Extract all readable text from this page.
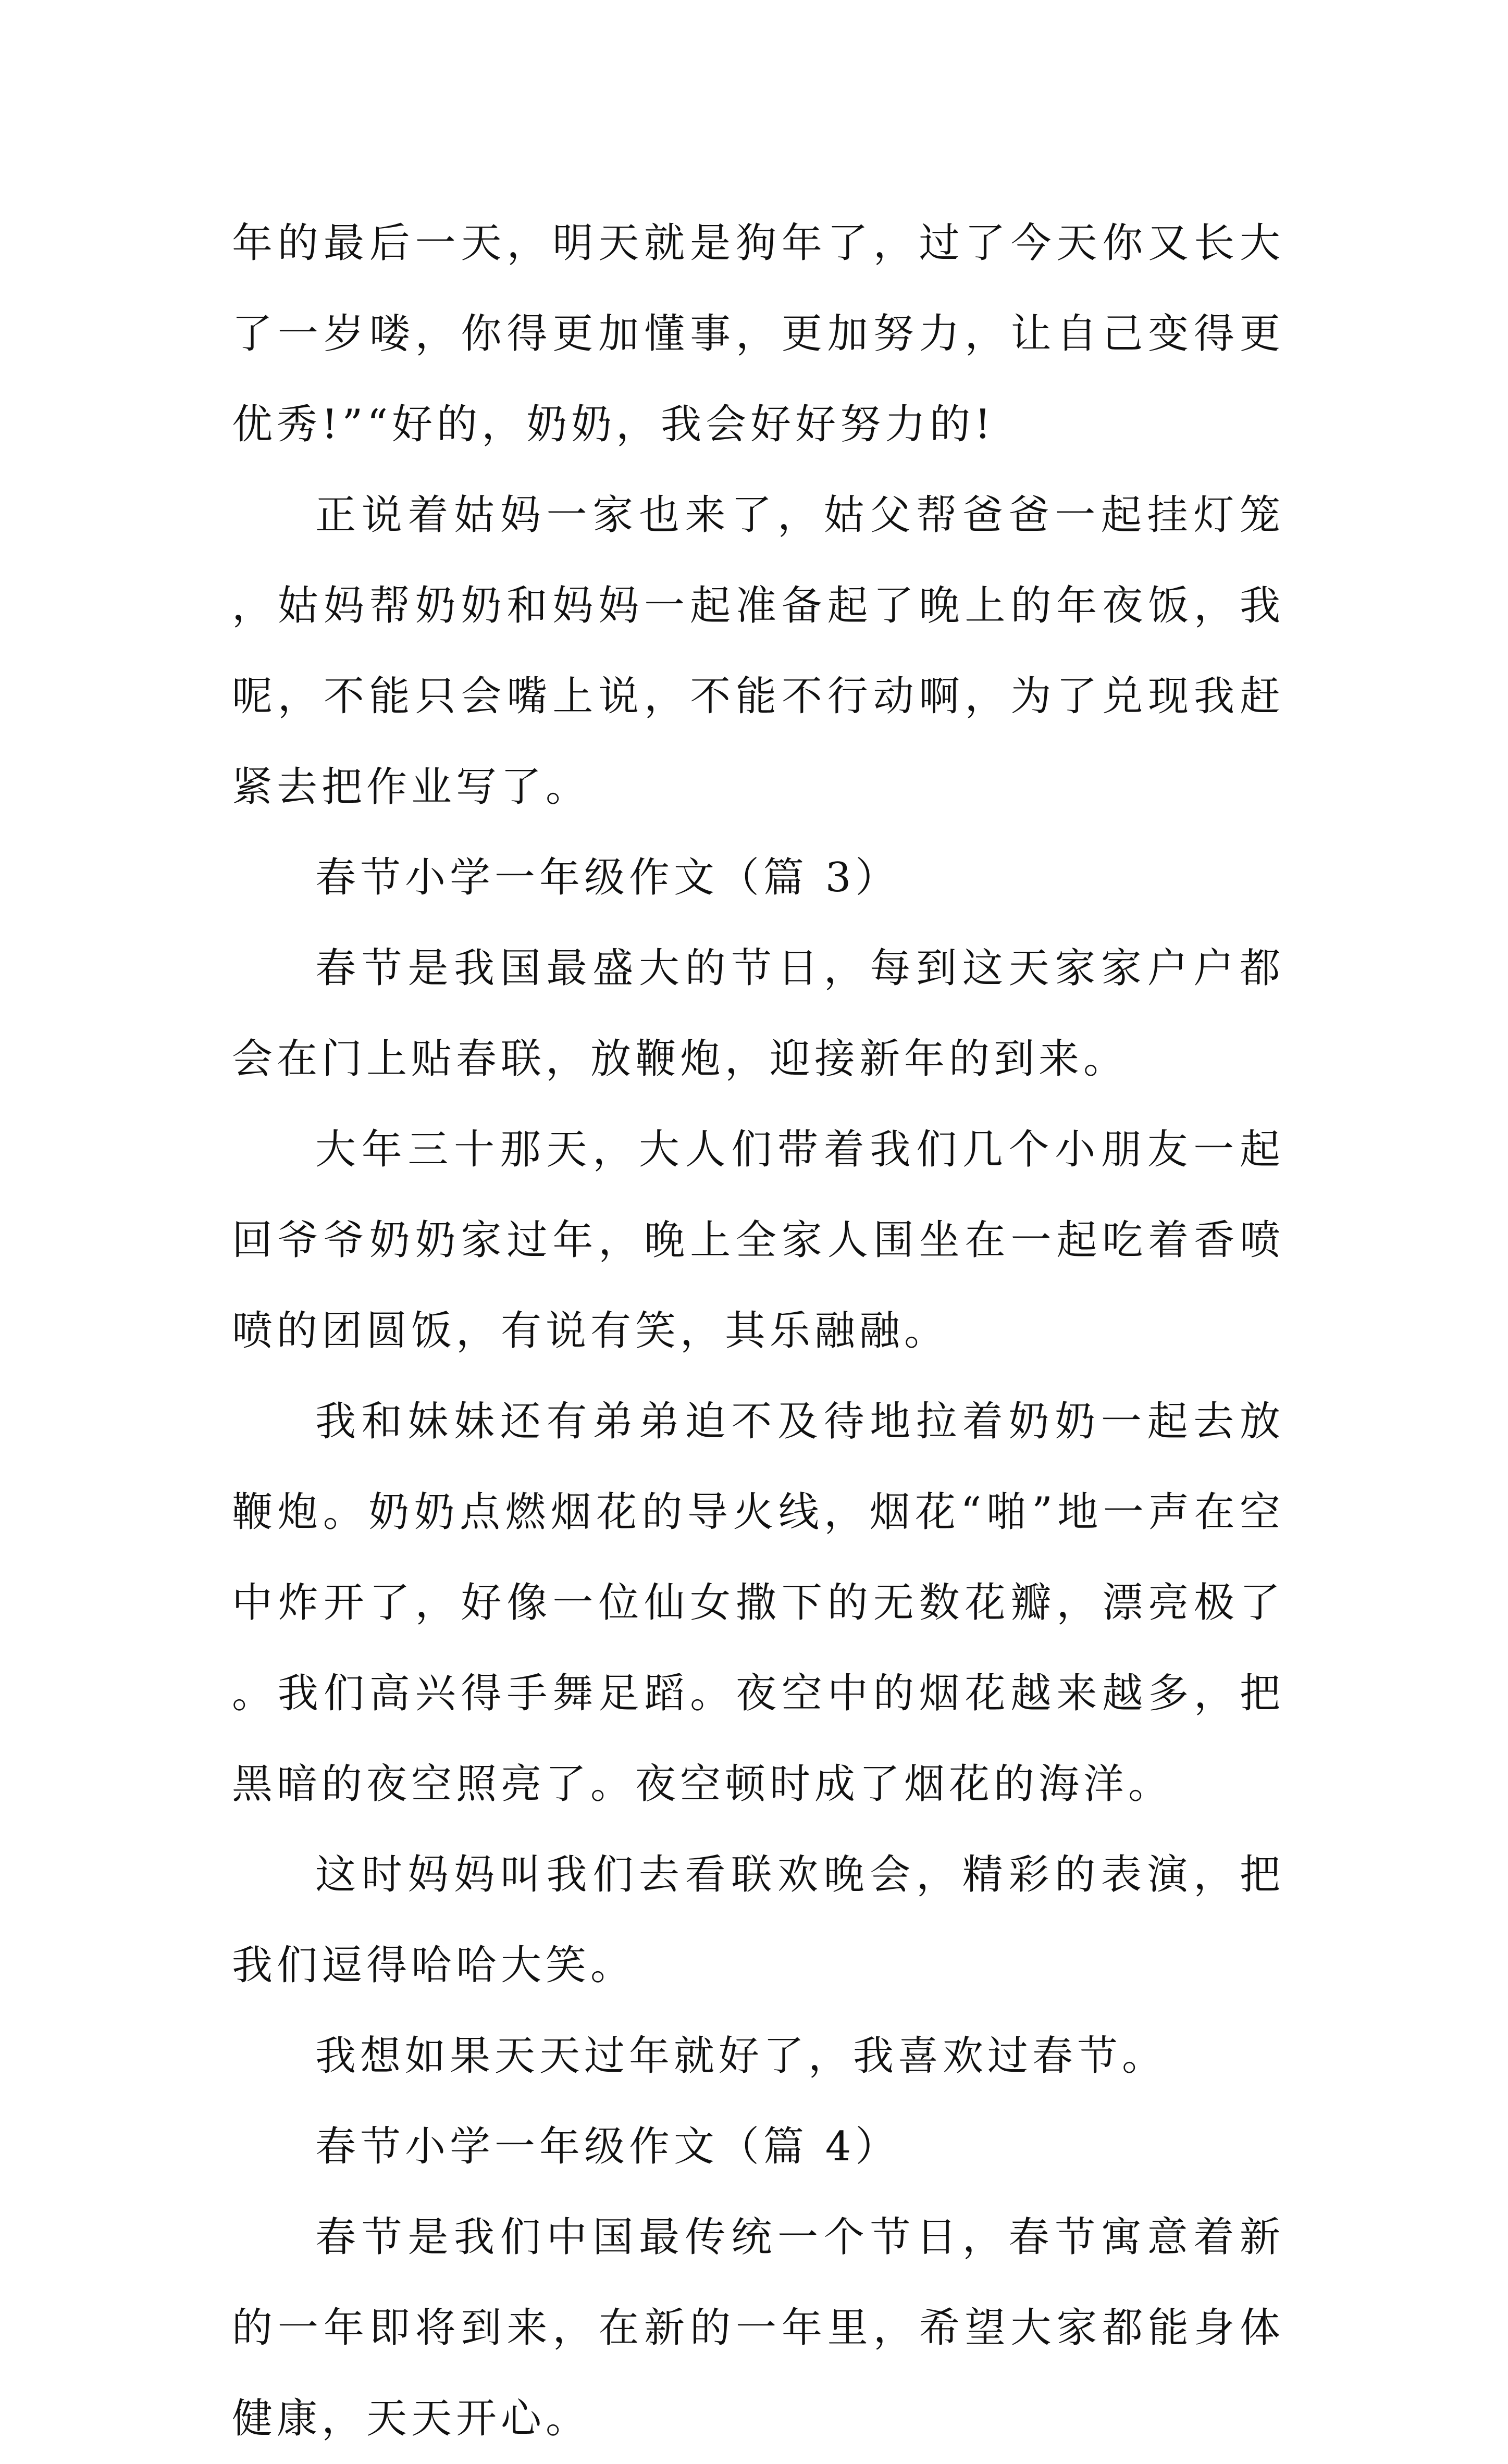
年的最后一天，明天就是狗年了，过了今天你又长大了一岁喽，你得更加懂事，更加努力，让自己变得更优秀!”“好的，奶奶，我会好好努力的!

正说着姑妈一家也来了，姑父帮爸爸一起挂灯笼，姑妈帮奶奶和妈妈一起准备起了晚上的年夜饭，我呢，不能只会嘴上说，不能不行动啊，为了兑现我赶紧去把作业写了。

春节小学一年级作文（篇 3）

春节是我国最盛大的节日，每到这天家家户户都会在门上贴春联，放鞭炮，迎接新年的到来。

大年三十那天，大人们带着我们几个小朋友一起回爷爷奶奶家过年，晚上全家人围坐在一起吃着香喷喷的团圆饭，有说有笑，其乐融融。

我和妹妹还有弟弟迫不及待地拉着奶奶一起去放鞭炮。奶奶点燃烟花的导火线，烟花“啪”地一声在空中炸开了，好像一位仙女撒下的无数花瓣，漂亮极了。我们高兴得手舞足蹈。夜空中的烟花越来越多，把黑暗的夜空照亮了。夜空顿时成了烟花的海洋。

这时妈妈叫我们去看联欢晚会，精彩的表演，把我们逗得哈哈大笑。

我想如果天天过年就好了，我喜欢过春节。

春节小学一年级作文（篇 4）

春节是我们中国最传统一个节日，春节寓意着新的一年即将到来，在新的一年里，希望大家都能身体健康，天天开心。
